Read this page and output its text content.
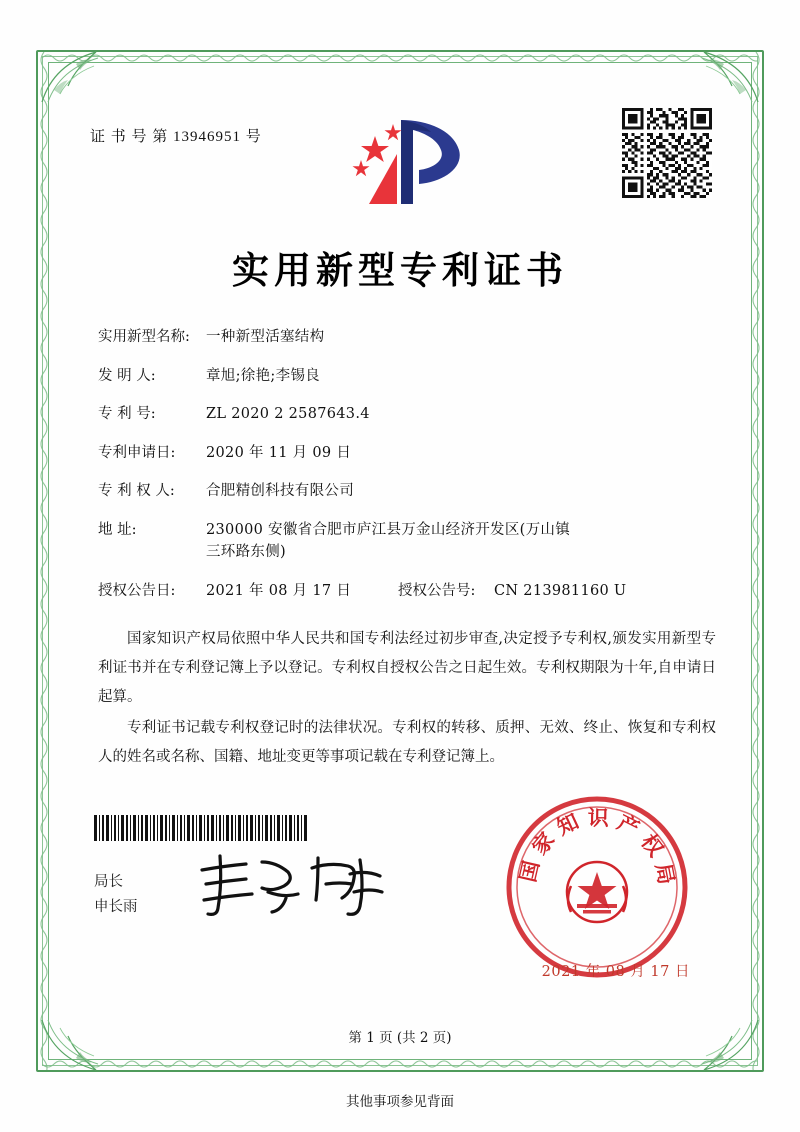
证 书 号 第 13946951 号
实用新型专利证书
实用新型名称:	一种新型活塞结构
发 明 人:	章旭;徐艳;李锡良
专 利 号:	ZL 2020 2 2587643.4
专利申请日:	2020 年 11 月 09 日
专 利 权 人:	合肥精创科技有限公司
地 址:	230000 安徽省合肥市庐江县万金山经济开发区(万山镇
三环路东侧)
授权公告日:	2021 年 08 月 17 日	授权公告号:	CN 213981160 U

国家知识产权局依照中华人民共和国专利法经过初步审查,决定授予专利权,颁发实用新型专利证书并在专利登记簿上予以登记。专利权自授权公告之日起生效。专利权期限为十年,自申请日起算。

专利证书记载专利权登记时的法律状况。专利权的转移、质押、无效、终止、恢复和专利权人的姓名或名称、国籍、地址变更等事项记载在专利登记簿上。

局长
申长雨
国
家
知 识 产
权
局
2021 年 08 月 17 日
第 1 页 (共 2 页)
其他事项参见背面
